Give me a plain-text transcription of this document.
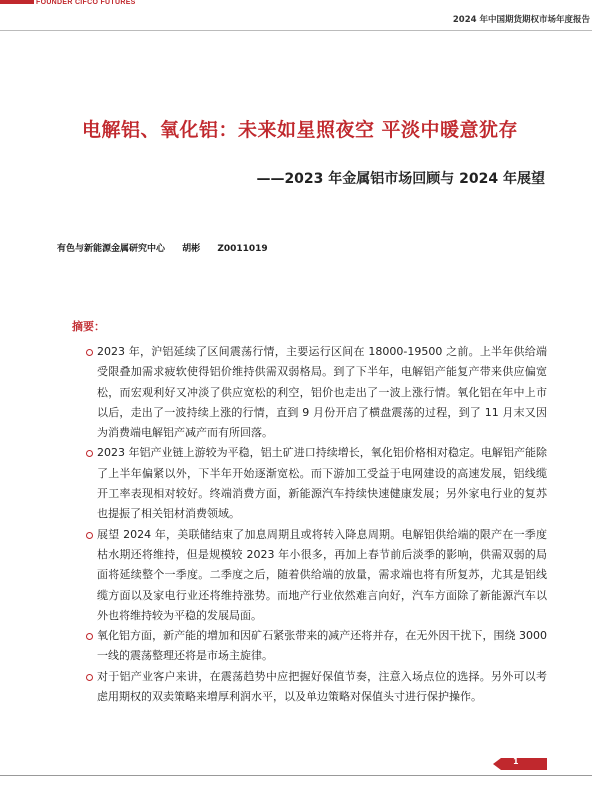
FOUNDER CIFCO FUTURES
2024 年中国期货期权市场年度报告
电解铝、氧化铝：未来如星照夜空 平淡中暖意犹存
——2023 年金属铝市场回顾与 2024 年展望
有色与新能源金属研究中心 胡彬 Z0011019
摘要：
2023 年，沪铝延续了区间震荡行情，主要运行区间在 18000-19500 之前。上半年供给端受限叠加需求疲软使得铝价维持供需双弱格局。到了下半年，电解铝产能复产带来供应偏宽松，而宏观利好又冲淡了供应宽松的利空，铝价也走出了一波上涨行情。氧化铝在年中上市以后，走出了一波持续上涨的行情，直到 9 月份开启了横盘震荡的过程，到了 11 月末又因为消费端电解铝产减产而有所回落。
2023 年铝产业链上游较为平稳，铝土矿进口持续增长，氧化铝价格相对稳定。电解铝产能除了上半年偏紧以外，下半年开始逐渐宽松。而下游加工受益于电网建设的高速发展，铝线缆开工率表现相对较好。终端消费方面，新能源汽车持续快速健康发展；另外家电行业的复苏也提振了相关铝材消费领域。
展望 2024 年，美联储结束了加息周期且或将转入降息周期。电解铝供给端的限产在一季度枯水期还将维持，但是规模较 2023 年小很多，再加上春节前后淡季的影响，供需双弱的局面将延续整个一季度。二季度之后，随着供给端的放量，需求端也将有所复苏，尤其是铝线缆方面以及家电行业还将维持涨势。而地产行业依然难言向好，汽车方面除了新能源汽车以外也将维持较为平稳的发展局面。
氧化铝方面，新产能的增加和因矿石紧张带来的减产还将并存，在无外因干扰下，围绕 3000 一线的震荡整理还将是市场主旋律。
对于铝产业客户来讲，在震荡趋势中应把握好保值节奏，注意入场点位的选择。另外可以考虑用期权的双卖策略来增厚利润水平，以及单边策略对保值头寸进行保护操作。
1
